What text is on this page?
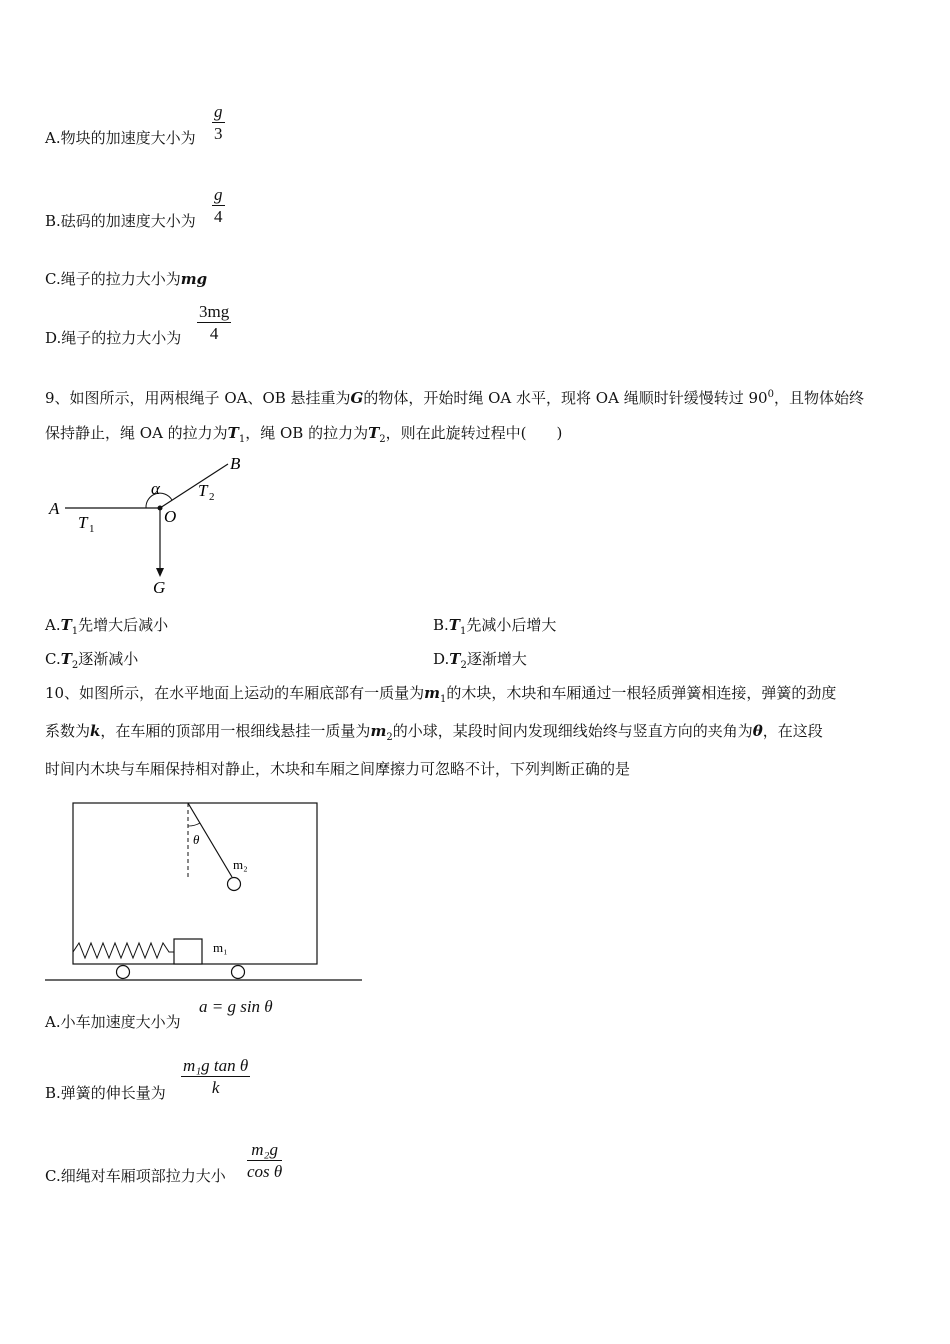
A.物块的加速度大小为 $\frac{g}{3}$
B.砝码的加速度大小为 $\frac{g}{4}$
C.绳子的拉力大小为mg
D.绳子的拉力大小为 $\frac{3mg}{4}$
9、如图所示，用两根绳子 OA、OB 悬挂重为G的物体，开始时绳 OA 水平，现将 OA 绳顺时针缓慢转过 $90^0$，且物体始终
保持静止，绳 OA 的拉力为$T_1$，绳 OB 的拉力为$T_2$，则在此旋转过程中(　　)
A
B
O
G
α
T 1
T 2
$A.T_1$先增大后减小	$B.T_1$先减小后增大
$C.T_2$逐渐减小	$D.T_2$逐渐增大
10、如图所示，在水平地面上运动的车厢底部有一质量为$m_1$的木块，木块和车厢通过一根轻质弹簧相连接，弹簧的劲度
系数为k，在车厢的顶部用一根细线悬挂一质量为$m_2$的小球，某段时间内发现细线始终与竖直方向的夹角为θ，在这段
时间内木块与车厢保持相对静止，木块和车厢之间摩擦力可忽略不计，下列判断正确的是
θ
m₂
m₁
A.小车加速度大小为
a = g sin θ
B.弹簧的伸长量为 $\frac{\text{m₁g tan θ}}{k}$
C.细绳对车厢项部拉力大小 $\frac{\text{m₂g}}{\text{cos θ}}$
